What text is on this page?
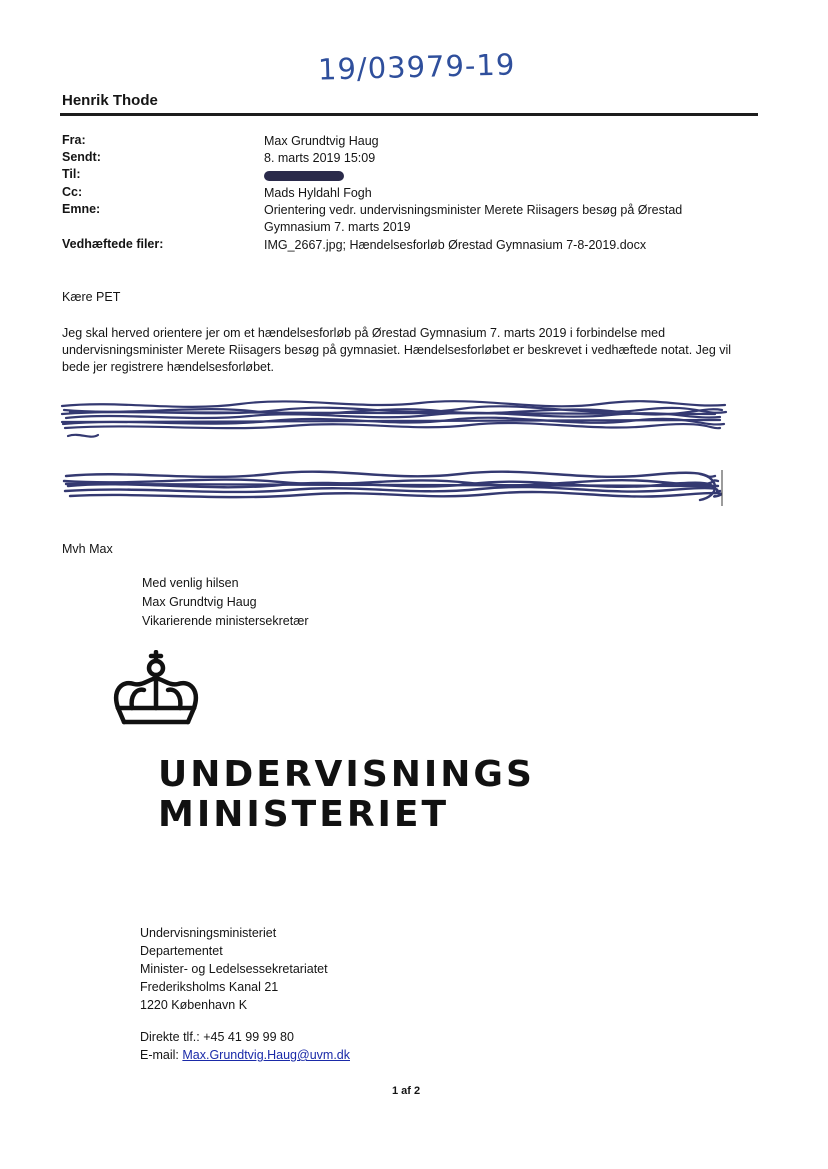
19/03979-19
Henrik Thode
Fra:	Max Grundtvig Haug
Sendt:	8. marts 2019 15:09
Til:
Cc:	Mads Hyldahl Fogh
Emne:	Orientering vedr. undervisningsminister Merete Riisagers besøg på Ørestad Gymnasium 7. marts 2019
Vedhæftede filer:	IMG_2667.jpg; Hændelsesforløb Ørestad Gymnasium 7-8-2019.docx
Kære PET
Jeg skal herved orientere jer om et hændelsesforløb på Ørestad Gymnasium 7. marts 2019 i forbindelse med undervisningsminister Merete Riisagers besøg på gymnasiet. Hændelsesforløbet er beskrevet i vedhæftede notat. Jeg vil bede jer registrere hændelsesforløbet.
Mvh Max
Med venlig hilsen
Max Grundtvig Haug
Vikarierende ministersekretær
UNDERVISNINGS
MINISTERIET
Undervisningsministeriet
Departementet
Minister- og Ledelsessekretariatet
Frederiksholms Kanal 21
1220 København K
Direkte tlf.: +45 41 99 99 80
E-mail: Max.Grundtvig.Haug@uvm.dk
1 af 2
